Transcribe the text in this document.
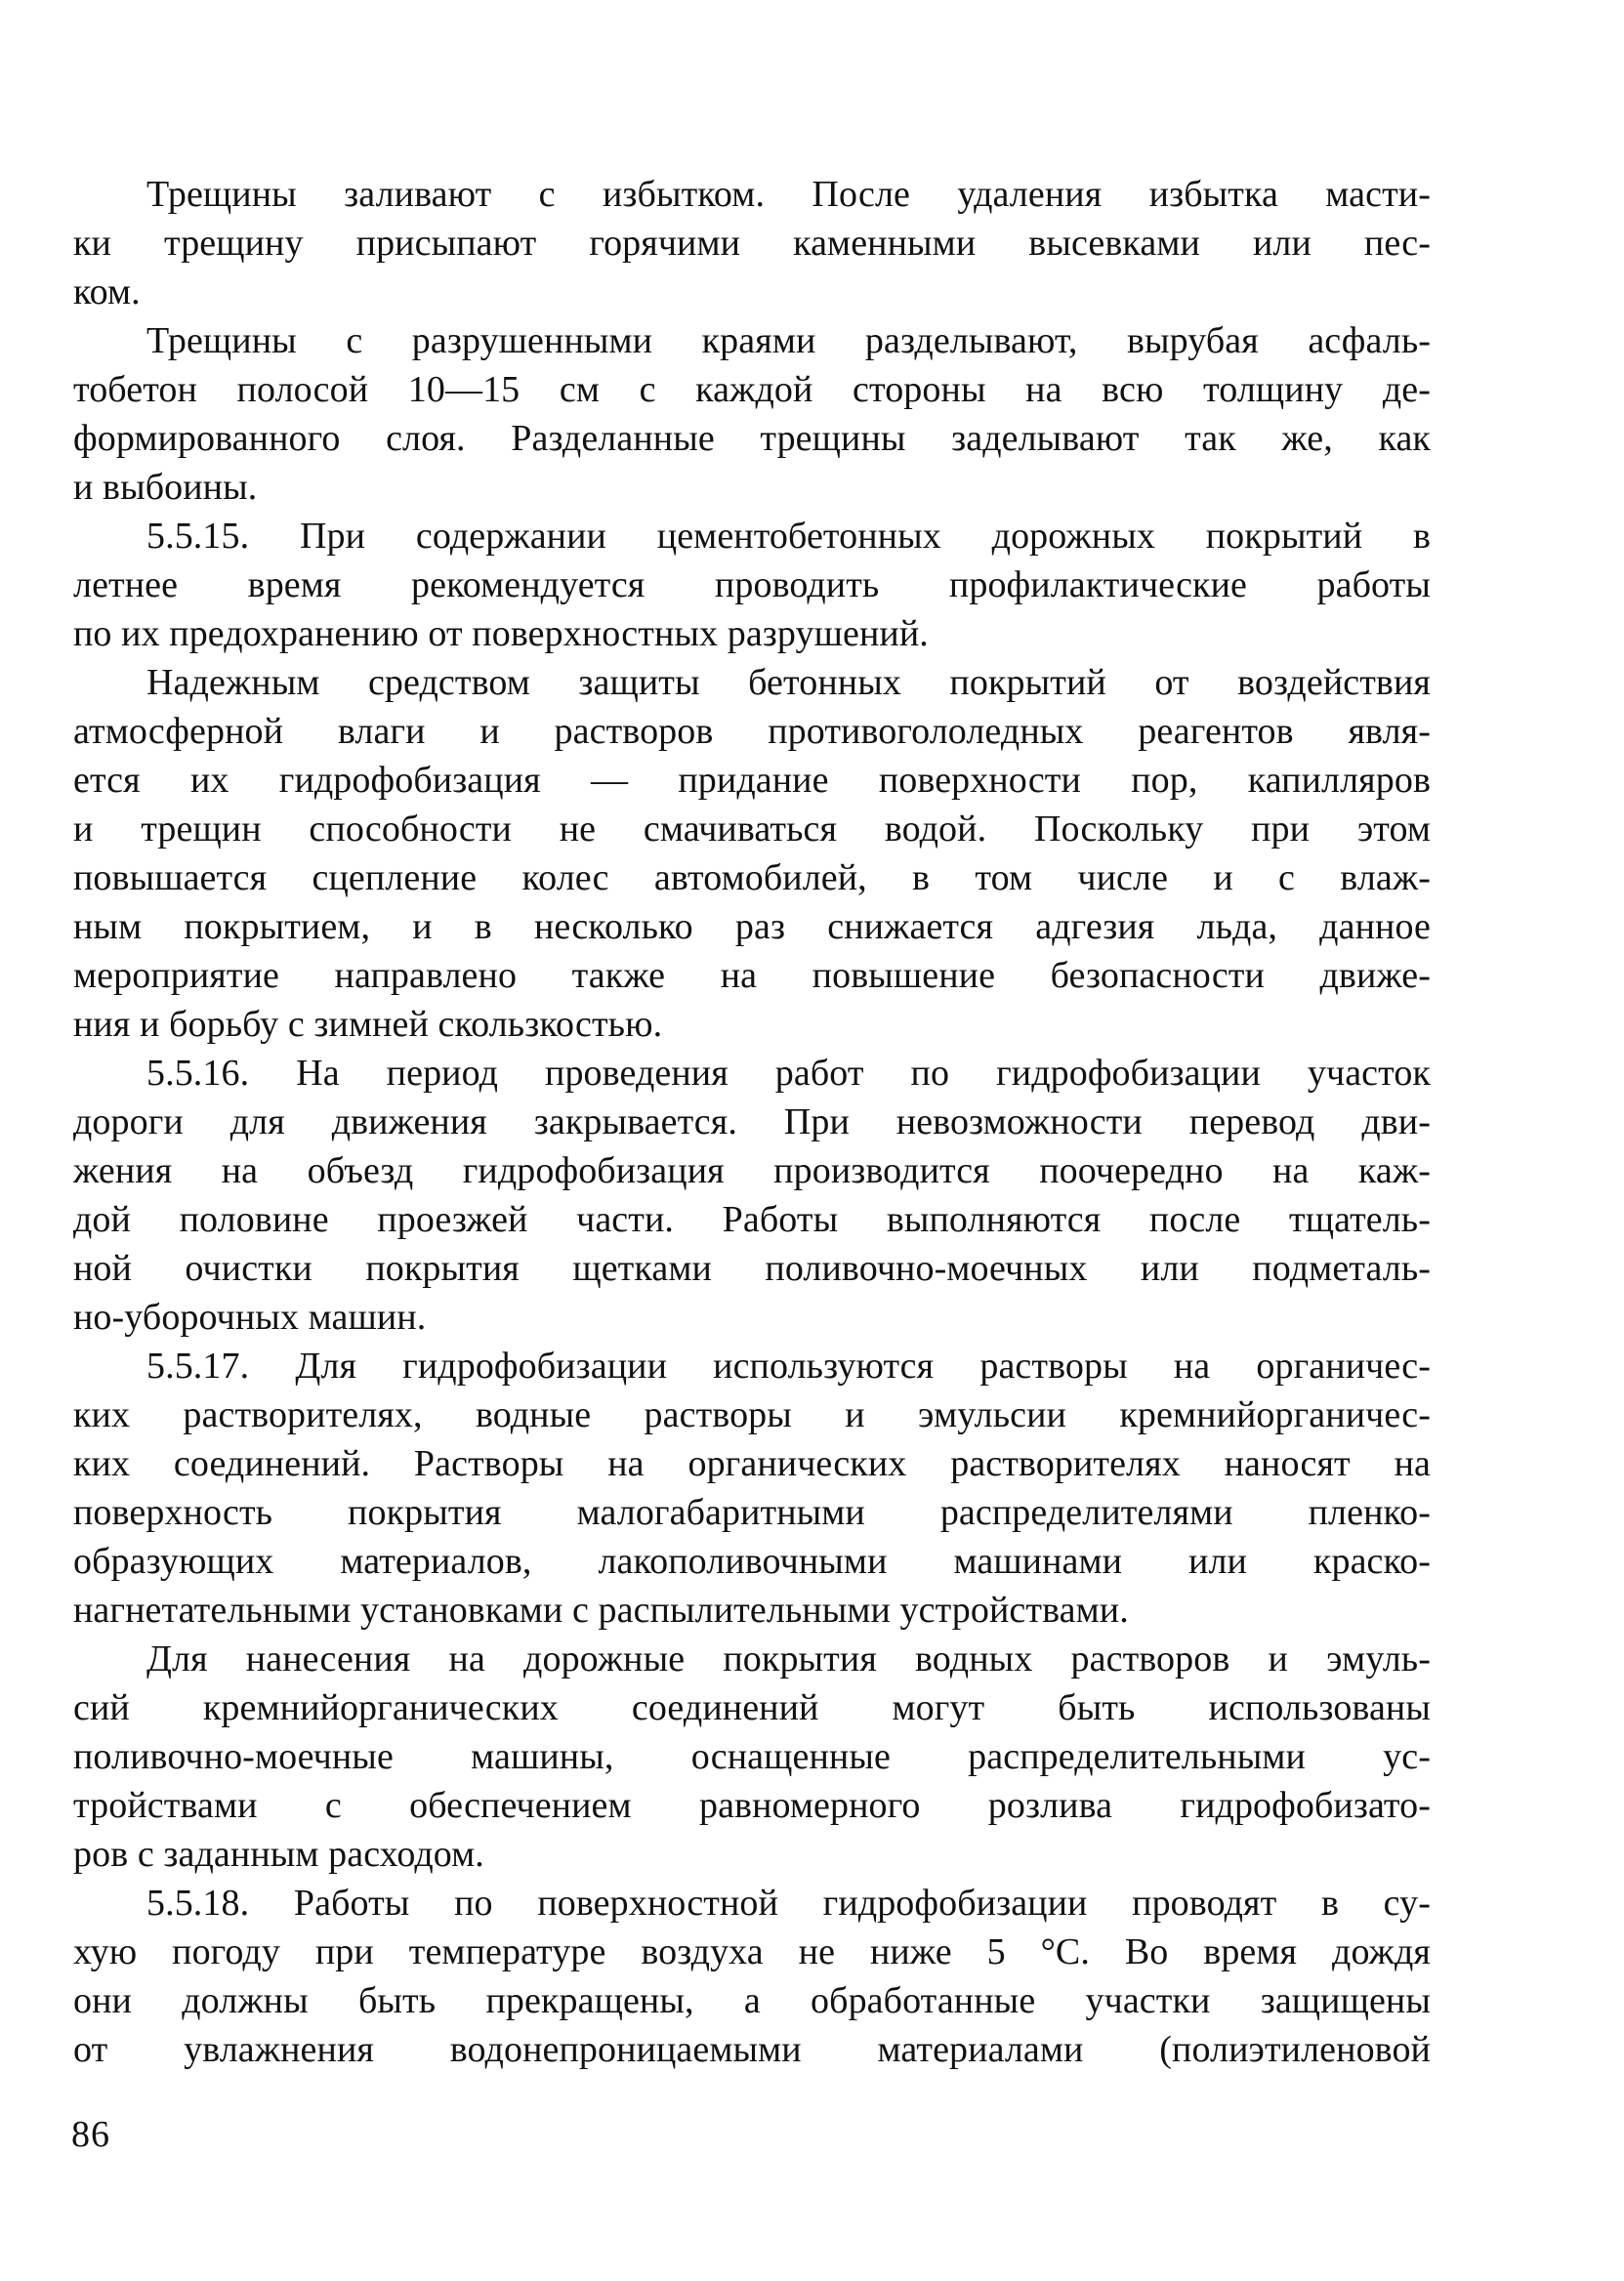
Трещины заливают с избытком. После удаления избытка масти-
ки трещину присыпают горячими каменными высевками или пес-
ком.
Трещины с разрушенными краями разделывают, вырубая асфаль-
тобетон полосой 10—15 см с каждой стороны на всю толщину де-
формированного слоя. Разделанные трещины заделывают так же, как
и выбоины.
5.5.15. При содержании цементобетонных дорожных покрытий в
летнее время рекомендуется проводить профилактические работы
по их предохранению от поверхностных разрушений.
Надежным средством защиты бетонных покрытий от воздействия
атмосферной влаги и растворов противогололедных реагентов явля-
ется их гидрофобизация — придание поверхности пор, капилляров
и трещин способности не смачиваться водой. Поскольку при этом
повышается сцепление колес автомобилей, в том числе и с влаж-
ным покрытием, и в несколько раз снижается адгезия льда, данное
мероприятие направлено также на повышение безопасности движе-
ния и борьбу с зимней скользкостью.
5.5.16. На период проведения работ по гидрофобизации участок
дороги для движения закрывается. При невозможности перевод дви-
жения на объезд гидрофобизация производится поочередно на каж-
дой половине проезжей части. Работы выполняются после тщатель-
ной очистки покрытия щетками поливочно-моечных или подметаль-
но-уборочных машин.
5.5.17. Для гидрофобизации используются растворы на органичес-
ких растворителях, водные растворы и эмульсии кремнийорганичес-
ких соединений. Растворы на органических растворителях наносят на
поверхность покрытия малогабаритными распределителями пленко-
образующих материалов, лакополивочными машинами или краско-
нагнетательными установками с распылительными устройствами.
Для нанесения на дорожные покрытия водных растворов и эмуль-
сий кремнийорганических соединений могут быть использованы
поливочно-моечные машины, оснащенные распределительными ус-
тройствами с обеспечением равномерного розлива гидрофобизато-
ров с заданным расходом.
5.5.18. Работы по поверхностной гидрофобизации проводят в су-
хую погоду при температуре воздуха не ниже 5 °С. Во время дождя
они должны быть прекращены, а обработанные участки защищены
от увлажнения водонепроницаемыми материалами (полиэтиленовой
86
